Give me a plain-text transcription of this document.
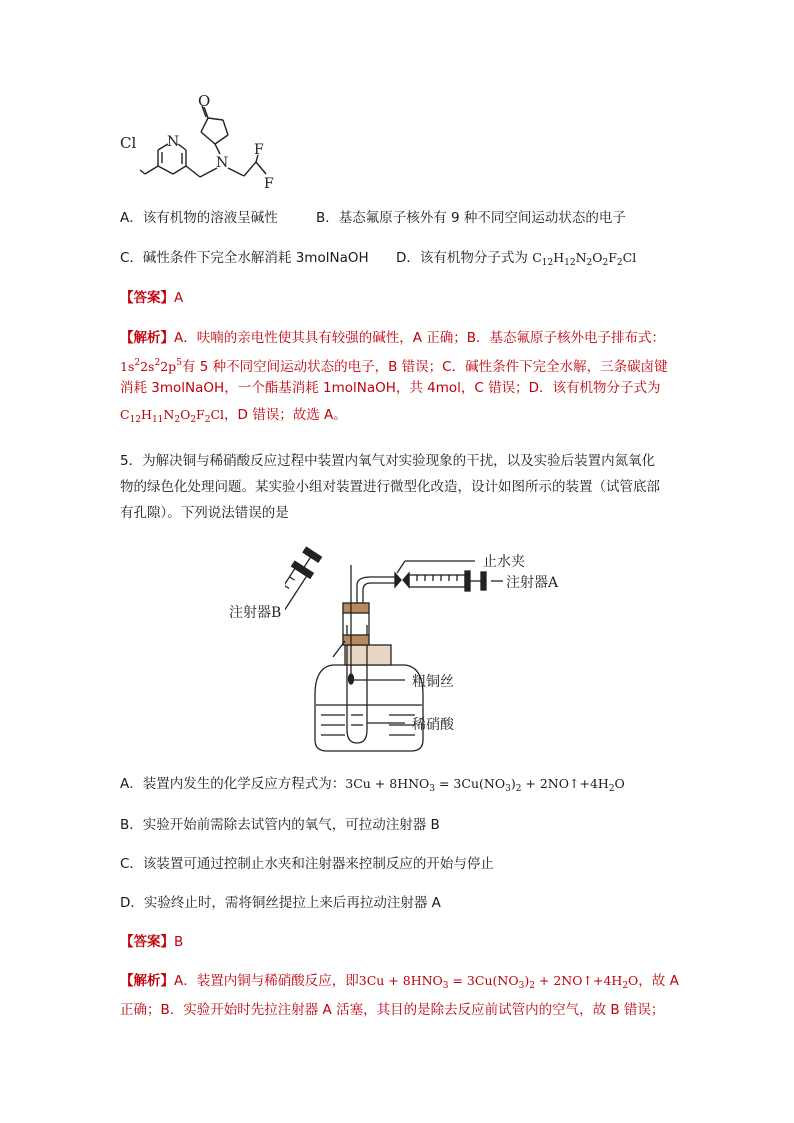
O
Cl N
N
F
F
A．该有机物的溶液呈碱性	B．基态氟原子核外有 9 种不同空间运动状态的电子
C．碱性条件下完全水解消耗 3molNaOH D．该有机物分子式为 $C_{12}H_{12}N_2O_2F_2Cl$
【答案】A
【解析】A．呋喃的亲电性使其具有较强的碱性，A 正确；B．基态氟原子核外电子排布式：
$1s^22s^22p^5$有 5 种不同空间运动状态的电子，B 错误；C．碱性条件下完全水解，三条碳卤键
消耗 3molNaOH，一个酯基消耗 1molNaOH，共 4mol，C 错误；D．该有机物分子式为
$C_{12}H_{11}N_2O_2F_2Cl$，D 错误；故选 A。
5．为解决铜与稀硝酸反应过程中装置内氧气对实验现象的干扰，以及实验后装置内氮氧化
物的绿色化处理问题。某实验小组对装置进行微型化改造，设计如图所示的装置（试管底部
有孔隙）。下列说法错误的是
止水夹
注射器A
注射器B
粗铜丝
稀硝酸
A．装置内发生的化学反应方程式为：$3Cu + 8HNO_3 = 3Cu(NO_3)_2$ + $2NO↑+4H_2O$
B．实验开始前需除去试管内的氧气，可拉动注射器 B
C．该装置可通过控制止水夹和注射器来控制反应的开始与停止
D．实验终止时，需将铜丝提拉上来后再拉动注射器 A
【答案】B
【解析】A．装置内铜与稀硝酸反应，即$3Cu + 8HNO_3 = 3Cu(NO_3)_2$ + $2NO↑+4H_2O$，故 A
正确；B．实验开始时先拉注射器 A 活塞，其目的是除去反应前试管内的空气，故 B 错误；
